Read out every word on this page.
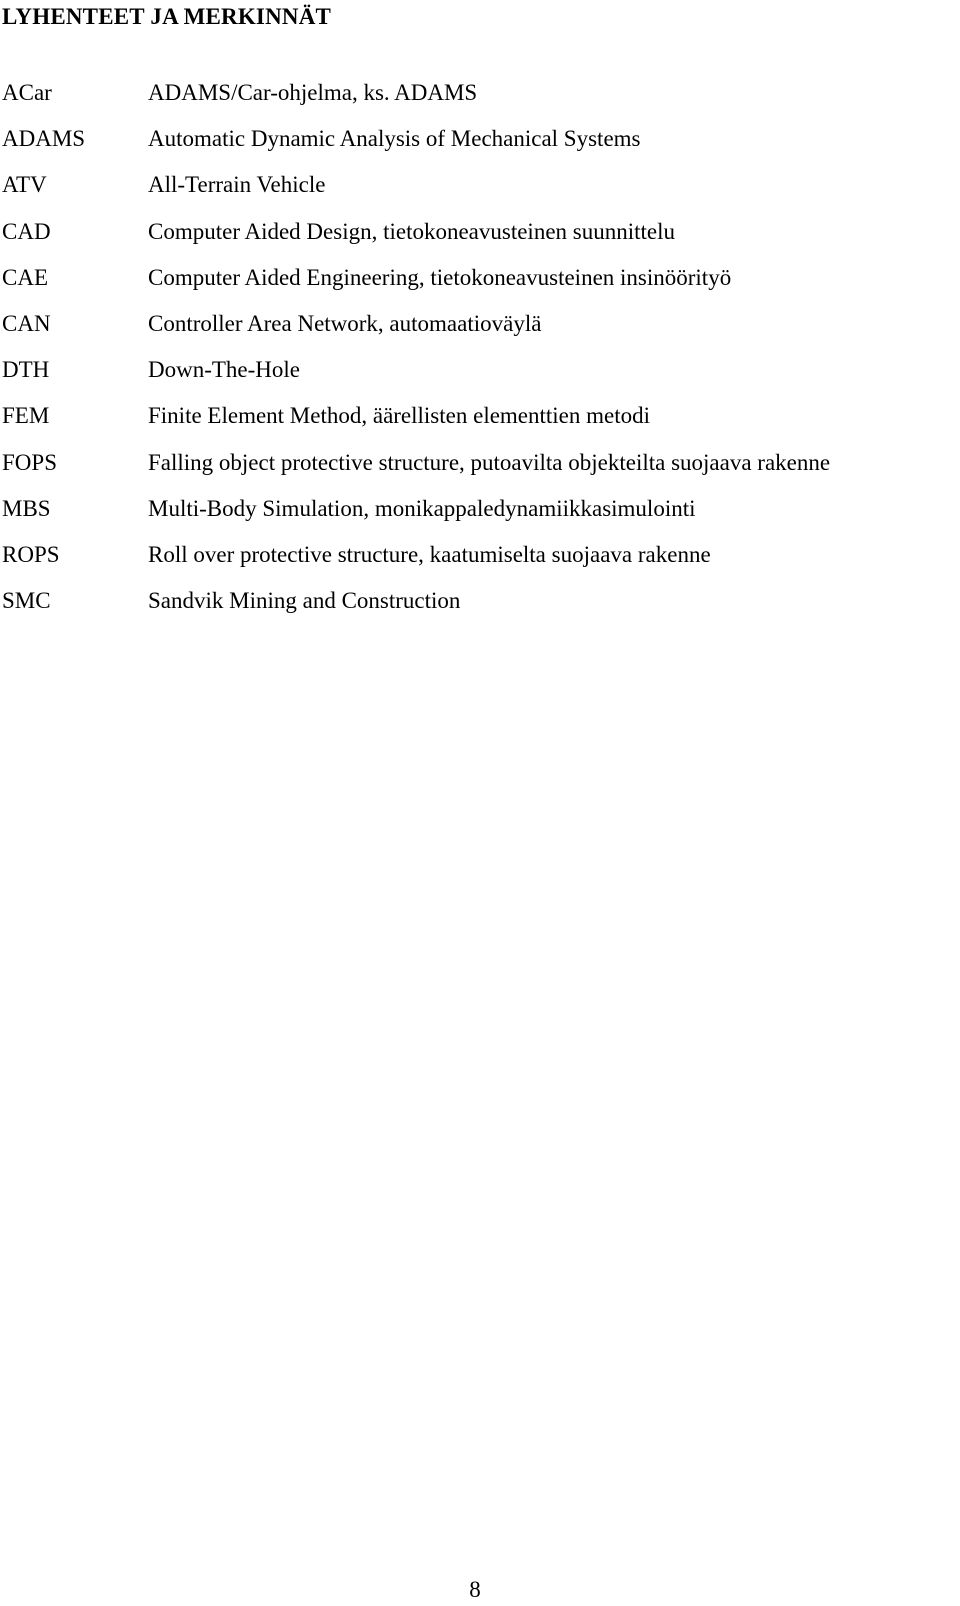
LYHENTEET JA MERKINNÄT
ACar	ADAMS/Car-ohjelma, ks. ADAMS
ADAMS	Automatic Dynamic Analysis of Mechanical Systems
ATV	All-Terrain Vehicle
CAD	Computer Aided Design, tietokoneavusteinen suunnittelu
CAE	Computer Aided Engineering, tietokoneavusteinen insinöörityö
CAN	Controller Area Network, automaatioväylä
DTH	Down-The-Hole
FEM	Finite Element Method, äärellisten elementtien metodi
FOPS	Falling object protective structure, putoavilta objekteilta suojaava rakenne
MBS	Multi-Body Simulation, monikappaledynamiikkasimulointi
ROPS	Roll over protective structure, kaatumiselta suojaava rakenne
SMC	Sandvik Mining and Construction
8
